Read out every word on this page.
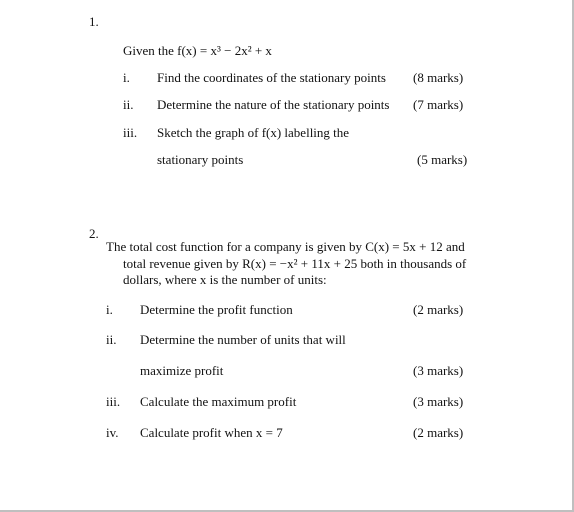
1.
Given the f(x) = x³ − 2x² + x
i. Find the coordinates of the stationary points (8 marks)
ii. Determine the nature of the stationary points (7 marks)
iii. Sketch the graph of f(x) labelling the
stationary points	(5 marks)
2.
The total cost function for a company is given by C(x) = 5x + 12 and
total revenue given by R(x) = −x² + 11x + 25 both in thousands of
dollars, where x is the number of units:
i. Determine the profit function	(2 marks)
ii. Determine the number of units that will
maximize profit	(3 marks)
iii. Calculate the maximum profit	(3 marks)
iv. Calculate profit when x = 7	(2 marks)
